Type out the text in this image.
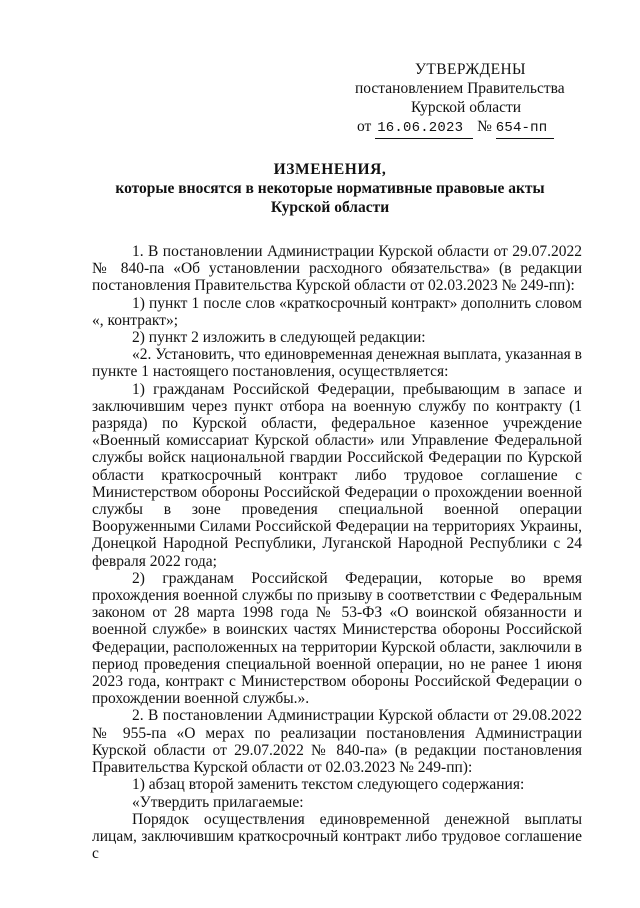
УТВЕРЖДЕНЫ
постановлением Правительства
Курской области
от 16.06.2023 № 654-пп
ИЗМЕНЕНИЯ,
которые вносятся в некоторые нормативные правовые акты
Курской области

1. В постановлении Администрации Курской области от 29.07.2022 № 840-па «Об установлении расходного обязательства» (в редакции постановления Правительства Курской области от 02.03.2023 № 249-пп):

1) пункт 1 после слов «краткосрочный контракт» дополнить словом «, контракт»;

2) пункт 2 изложить в следующей редакции:

«2. Установить, что единовременная денежная выплата, указанная в пункте 1 настоящего постановления, осуществляется:

1) гражданам Российской Федерации, пребывающим в запасе и заключившим через пункт отбора на военную службу по контракту (1 разряда) по Курской области, федеральное казенное учреждение «Военный комиссариат Курской области» или Управление Федеральной службы войск национальной гвардии Российской Федерации по Курской области краткосрочный контракт либо трудовое соглашение с Министерством обороны Российской Федерации о прохождении военной службы в зоне проведения специальной военной операции Вооруженными Силами Российской Федерации на территориях Украины, Донецкой Народной Республики, Луганской Народной Республики с 24 февраля 2022 года;

2) гражданам Российской Федерации, которые во время прохождения военной службы по призыву в соответствии с Федеральным законом от 28 марта 1998 года № 53-ФЗ «О воинской обязанности и военной службе» в воинских частях Министерства обороны Российской Федерации, расположенных на территории Курской области, заключили в период проведения специальной военной операции, но не ранее 1 июня 2023 года, контракт с Министерством обороны Российской Федерации о прохождении военной службы.».

2. В постановлении Администрации Курской области от 29.08.2022 № 955-па «О мерах по реализации постановления Администрации Курской области от 29.07.2022 № 840-па» (в редакции постановления Правительства Курской области от 02.03.2023 № 249-пп):

1) абзац второй заменить текстом следующего содержания:

«Утвердить прилагаемые:

Порядок осуществления единовременной денежной выплаты лицам, заключившим краткосрочный контракт либо трудовое соглашение с
